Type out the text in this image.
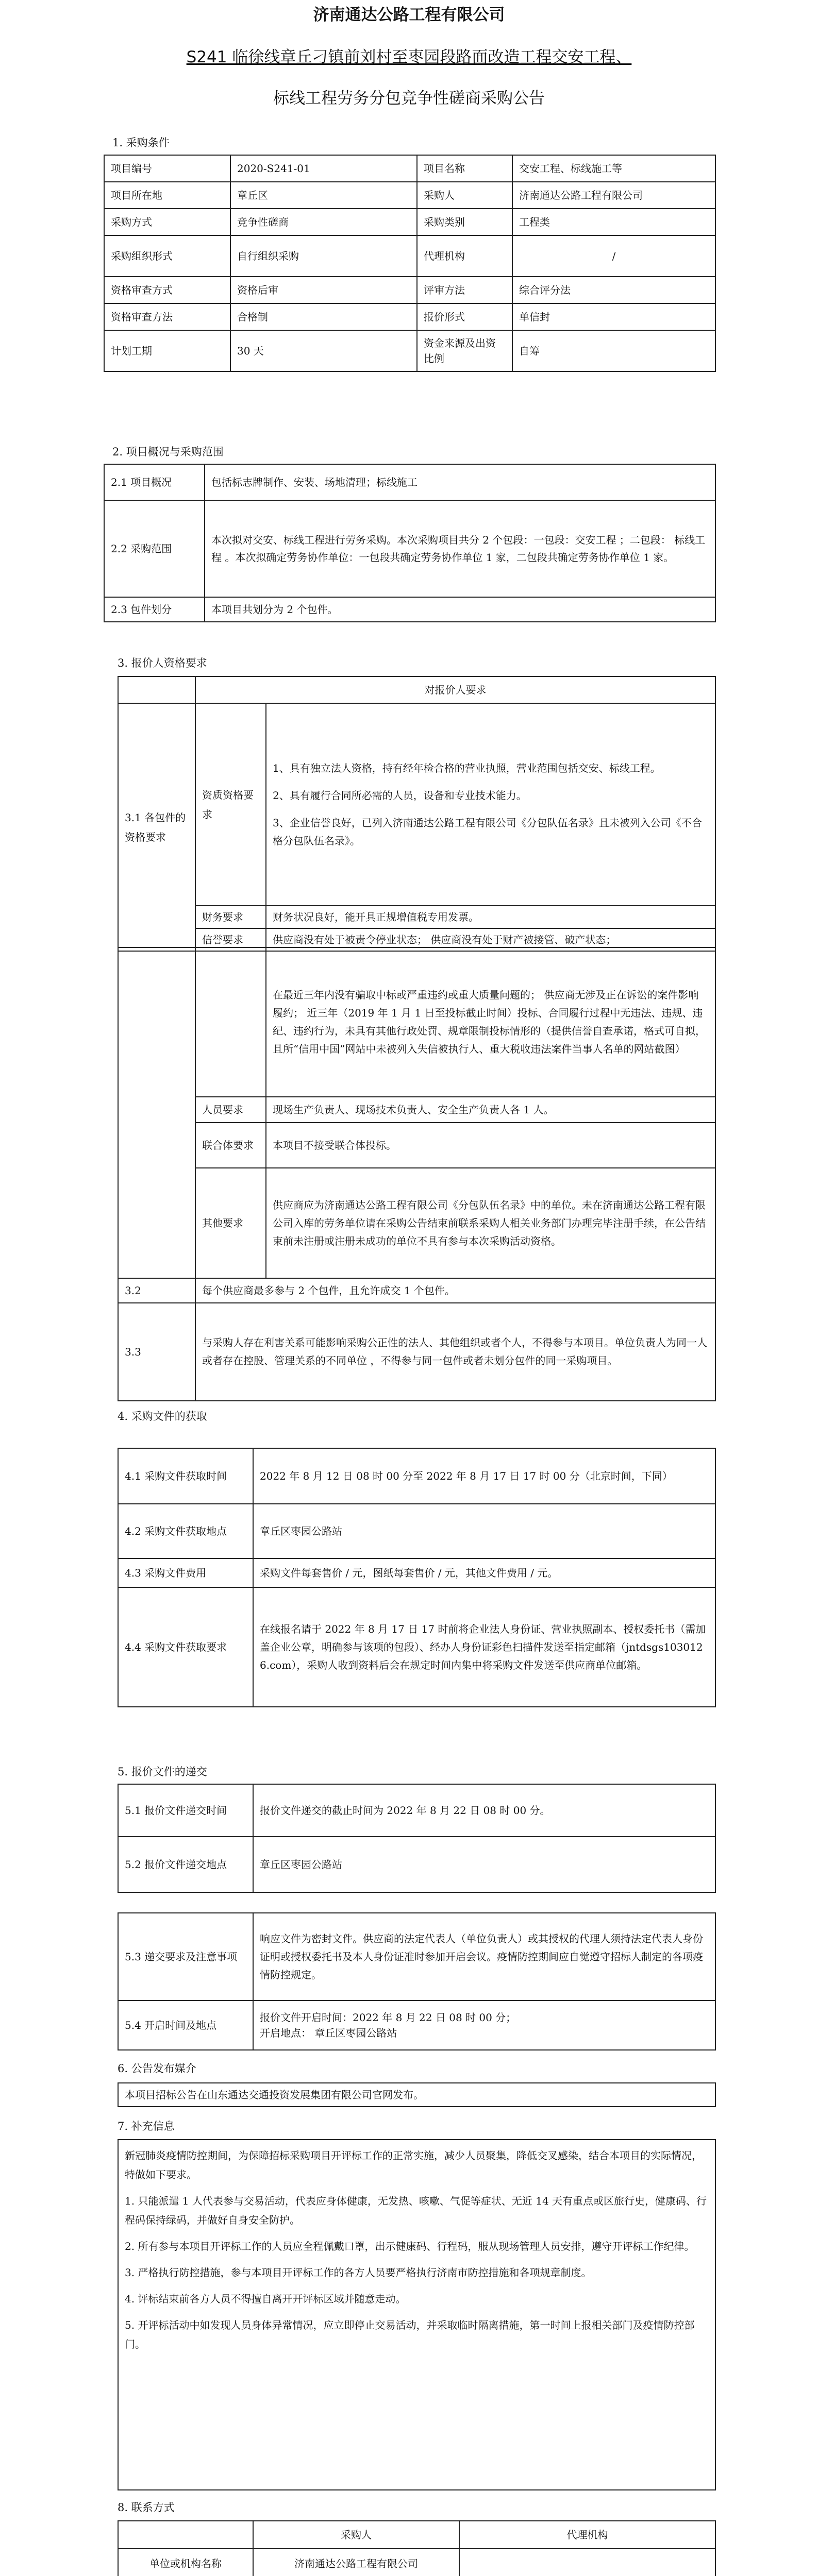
济南通达公路工程有限公司
S241 临徐线章丘刁镇前刘村至枣园段路面改造工程交安工程、
标线工程劳务分包竞争性磋商采购公告
1. 采购条件
项目编号	2020-S241-01	项目名称	交安工程、标线施工等
项目所在地	章丘区	采购人	济南通达公路工程有限公司
采购方式	竞争性磋商	采购类别	工程类
采购组织形式	自行组织采购	代理机构	/
资格审查方式	资格后审	评审方法	综合评分法
资格审查方法	合格制	报价形式	单信封
计划工期	30 天	资金来源及出资比例	自筹
2. 项目概况与采购范围
2.1 项目概况	包括标志牌制作、安装、场地清理；标线施工
2.2 采购范围	本次拟对交安、标线工程进行劳务采购。本次采购项目共分 2 个包段：一包段：交安工程 ；二包段： 标线工程 。本次拟确定劳务协作单位：一包段共确定劳务协作单位 1 家，二包段共确定劳务协作单位 1 家。
2.3 包件划分	本项目共划分为 2 个包件。
3. 报价人资格要求
	对报价人要求	
3.1 各包件的资格要求	资质资格要求	1、具有独立法人资格，持有经年检合格的营业执照，营业范围包括交安、标线工程。
2、具有履行合同所必需的人员，设备和专业技术能力。
3、企业信誉良好，已列入济南通达公路工程有限公司《分包队伍名录》且未被列入公司《不合格分包队伍名录》。

	财务要求	财务状况良好，能开具正规增值税专用发票。
	信誉要求	供应商没有处于被责令停业状态； 供应商没有处于财产被接管、破产状态；
		在最近三年内没有骗取中标或严重违约或重大质量问题的； 供应商无涉及正在诉讼的案件影响履约； 近三年（2019 年 1 月 1 日至投标截止时间）投标、合同履行过程中无违法、违规、违纪、违约行为，未具有其他行政处罚、规章限制投标情形的（提供信誉自查承诺，格式可自拟，且所“信用中国”网站中未被列入失信被执行人、重大税收违法案件当事人名单的网站截图）
	人员要求	现场生产负责人、现场技术负责人、安全生产负责人各 1 人。
	联合体要求	本项目不接受联合体投标。
	其他要求	供应商应为济南通达公路工程有限公司《分包队伍名录》中的单位。未在济南通达公路工程有限公司入库的劳务单位请在采购公告结束前联系采购人相关业务部门办理完毕注册手续，在公告结束前未注册或注册未成功的单位不具有参与本次采购活动资格。
3.2	每个供应商最多参与 2 个包件，且允许成交 1 个包件。	
3.3	与采购人存在利害关系可能影响采购公正性的法人、其他组织或者个人，不得参与本项目。单位负责人为同一人或者存在控股、管理关系的不同单位 ，不得参与同一包件或者未划分包件的同一采购项目。	
4. 采购文件的获取
4.1 采购文件获取时间	2022 年 8 月 12 日 08 时 00 分至 2022 年 8 月 17 日 17 时 00 分（北京时间，下同）
4.2 采购文件获取地点	章丘区枣园公路站
4.3 采购文件费用	采购文件每套售价 / 元，图纸每套售价 / 元，其他文件费用 / 元。
4.4 采购文件获取要求	在线报名请于 2022 年 8 月 17 日 17 时前将企业法人身份证、营业执照副本、授权委托书（需加盖企业公章，明确参与该项的包段）、经办人身份证彩色扫描件发送至指定邮箱（jntdsgs1030126.com），采购人收到资料后会在规定时间内集中将采购文件发送至供应商单位邮箱。
5. 报价文件的递交
5.1 报价文件递交时间	报价文件递交的截止时间为 2022 年 8 月 22 日 08 时 00 分。
5.2 报价文件递交地点	章丘区枣园公路站
5.3 递交要求及注意事项	响应文件为密封文件。供应商的法定代表人（单位负责人）或其授权的代理人须持法定代表人身份证明或授权委托书及本人身份证准时参加开启会议。疫情防控期间应自觉遵守招标人制定的各项疫情防控规定。
5.4 开启时间及地点	报价文件开启时间：2022 年 8 月 22 日 08 时 00 分；
开启地点： 章丘区枣园公路站
6. 公告发布媒介
本项目招标公告在山东通达交通投资发展集团有限公司官网发布。
7. 补充信息
新冠肺炎疫情防控期间，为保障招标采购项目开评标工作的正常实施，减少人员聚集，降低交叉感染，结合本项目的实际情况，特做如下要求。
1. 只能派遣 1 人代表参与交易活动，代表应身体健康，无发热、咳嗽、气促等症状、无近 14 天有重点或区旅行史，健康码、行程码保持绿码，并做好自身安全防护。
2. 所有参与本项目开评标工作的人员应全程佩戴口罩，出示健康码、行程码，服从现场管理人员安排，遵守开评标工作纪律。
3. 严格执行防控措施，参与本项目开评标工作的各方人员要严格执行济南市防控措施和各项规章制度。
4. 评标结束前各方人员不得擅自离开开评标区域并随意走动。
5. 开评标活动中如发现人员身体异常情况，应立即停止交易活动，并采取临时隔离措施，第一时间上报相关部门及疫情防控部门。
8. 联系方式
	采购人	代理机构
单位或机构名称	济南通达公路工程有限公司	
